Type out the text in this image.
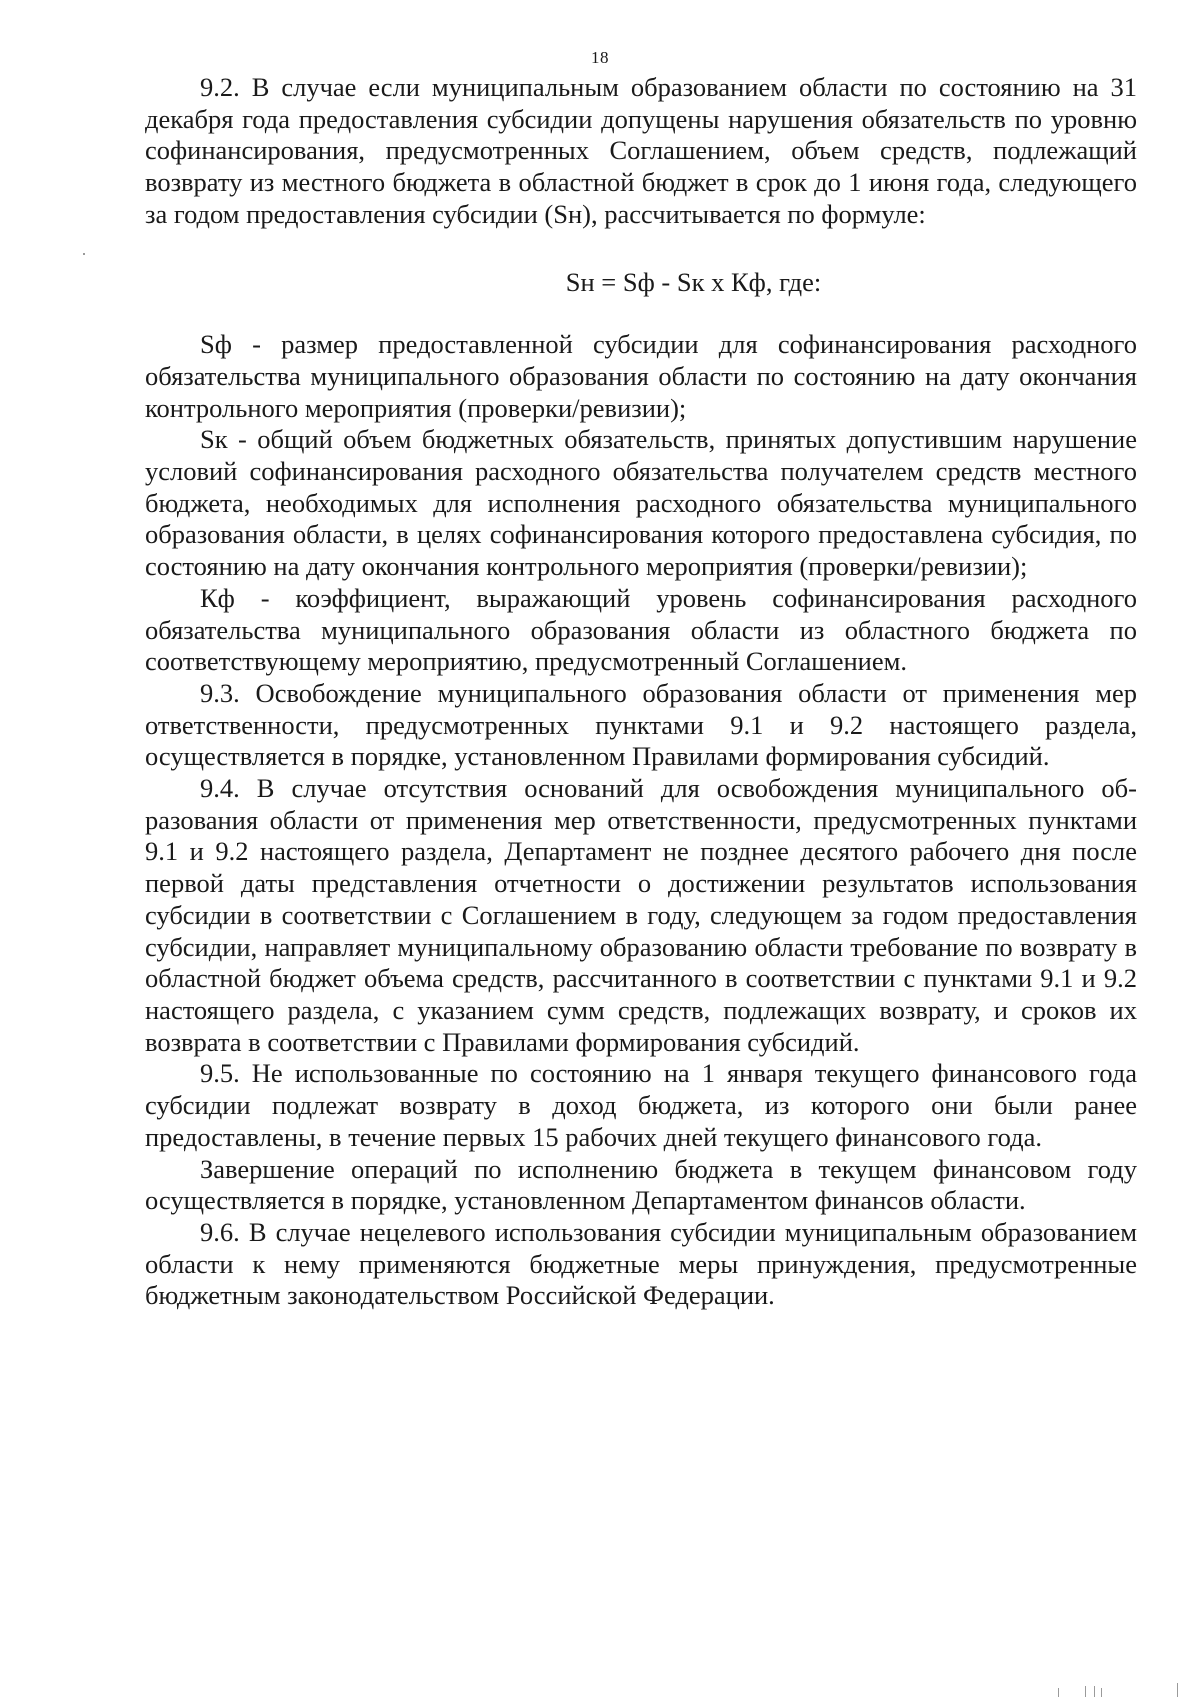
18

9.2. В случае если муниципальным образованием области по состоянию на 31 декабря года предоставления субсидии допущены нарушения обязательств по уровню софинансирования, предусмотренных Соглашением, объем средств, подлежащий возврату из местного бюджета в областной бюджет в срок до 1 июня года, следующего за годом предоставления субсидии (Sн), рассчитывается по формуле:

Sн = Sф - Sк х Кф, где:

Sф - размер предоставленной субсидии для софинансирования расходного обязательства муниципального образования области по состоянию на дату окончания контрольного мероприятия (проверки/ревизии);

Sк - общий объем бюджетных обязательств, принятых допустившим нарушение условий софинансирования расходного обязательства получателем средств местного бюджета, необходимых для исполнения расходного обязательства муниципального образования области, в целях софинансирования которого предоставлена субсидия, по состоянию на дату окончания контрольного мероприятия (проверки/ревизии);

Кф - коэффициент, выражающий уровень софинансирования расходного обязательства муниципального образования области из областного бюджета по соответствующему мероприятию, предусмотренный Соглашением.

9.3. Освобождение муниципального образования области от применения мер ответственности, предусмотренных пунктами 9.1 и 9.2 настоящего раздела, осуществляется в порядке, установленном Правилами формирования субсидий.

9.4. В случае отсутствия оснований для освобождения муниципального образования области от применения мер ответственности, предусмотренных пунктами 9.1 и 9.2 настоящего раздела, Департамент не позднее десятого рабочего дня после первой даты представления отчетности о достижении результатов использования субсидии в соответствии с Соглашением в году, следующем за годом предоставления субсидии, направляет муниципальному образованию области требование по возврату в областной бюджет объема средств, рассчитанного в соответствии с пунктами 9.1 и 9.2 настоящего раздела, с указанием сумм средств, подлежащих возврату, и сроков их возврата в соответствии с Правилами формирования субсидий.

9.5. Не использованные по состоянию на 1 января текущего финансового года субсидии подлежат возврату в доход бюджета, из которого они были ранее предоставлены, в течение первых 15 рабочих дней текущего финансового года.

Завершение операций по исполнению бюджета в текущем финансовом году осуществляется в порядке, установленном Департаментом финансов области.

9.6. В случае нецелевого использования субсидии муниципальным образованием области к нему применяются бюджетные меры принуждения, предусмотренные бюджетным законодательством Российской Федерации.
